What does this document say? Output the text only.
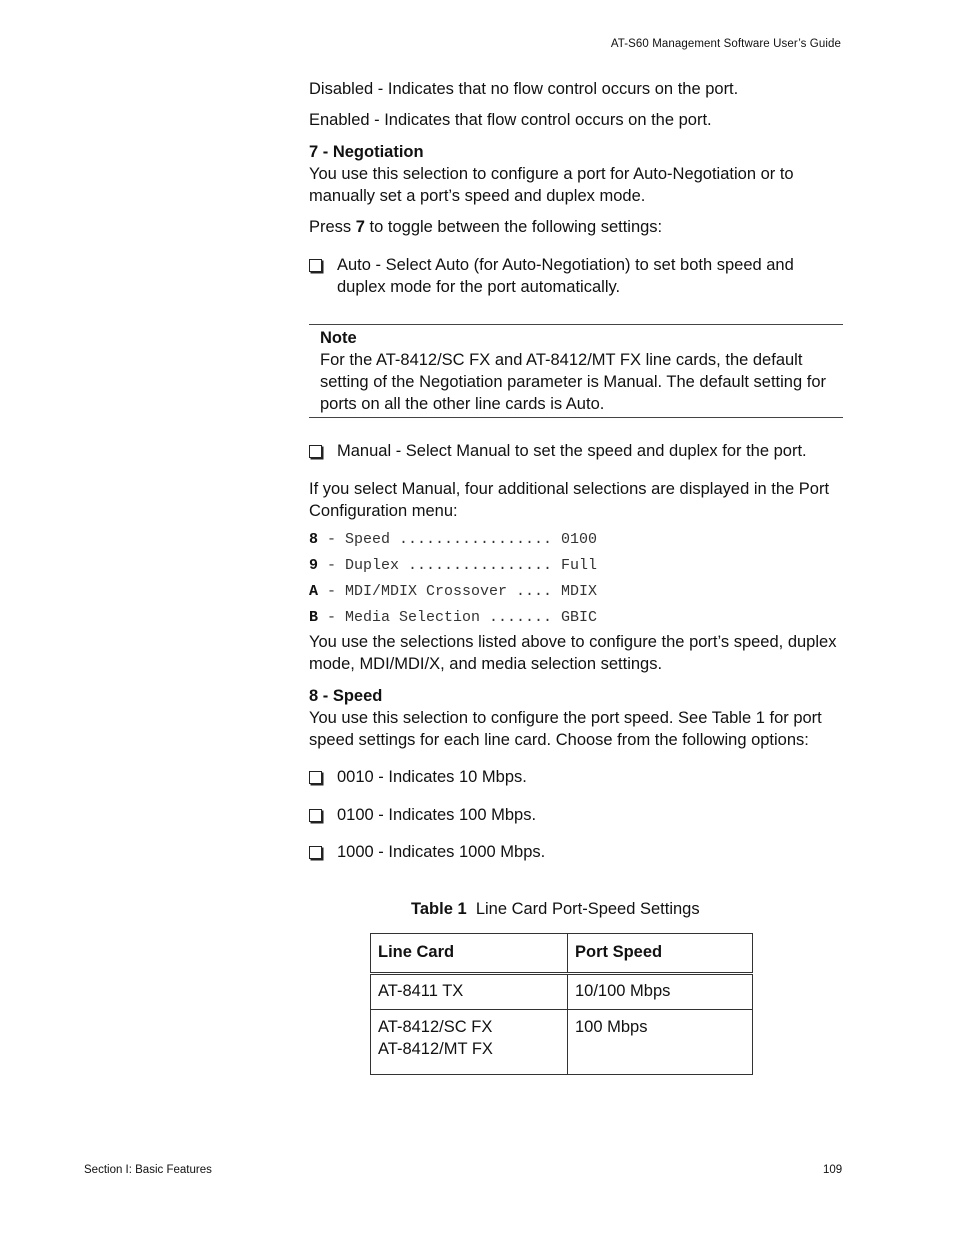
AT-S60 Management Software User’s Guide

Disabled - Indicates that no flow control occurs on the port.

Enabled - Indicates that flow control occurs on the port.

7 - Negotiation

You use this selection to configure a port for Auto-Negotiation or to manually set a port’s speed and duplex mode.

Press 7 to toggle between the following settings:

Auto - Select Auto (for Auto-Negotiation) to set both speed and duplex mode for the port automatically.
Note
For the AT-8412/SC FX and AT-8412/MT FX line cards, the default setting of the Negotiation parameter is Manual. The default setting for ports on all the other line cards is Auto.
Manual - Select Manual to set the speed and duplex for the port.

If you select Manual, four additional selections are displayed in the Port Configuration menu:

8 - Speed ................. 0100

9 - Duplex ................ Full

A - MDI/MDIX Crossover .... MDIX

B - Media Selection ....... GBIC

You use the selections listed above to configure the port’s speed, duplex mode, MDI/MDI/X, and media selection settings.

8 - Speed

You use this selection to configure the port speed. See Table 1 for port speed settings for each line card. Choose from the following options:

0010 - Indicates 10 Mbps.
0100 - Indicates 100 Mbps.
1000 - Indicates 1000 Mbps.
Table 1 Line Card Port-Speed Settings
Line Card	Port Speed

AT-8411 TX	10/100 Mbps

AT-8412/SC FX
AT-8412/MT FX	100 Mbps
Section I: Basic Features	109
